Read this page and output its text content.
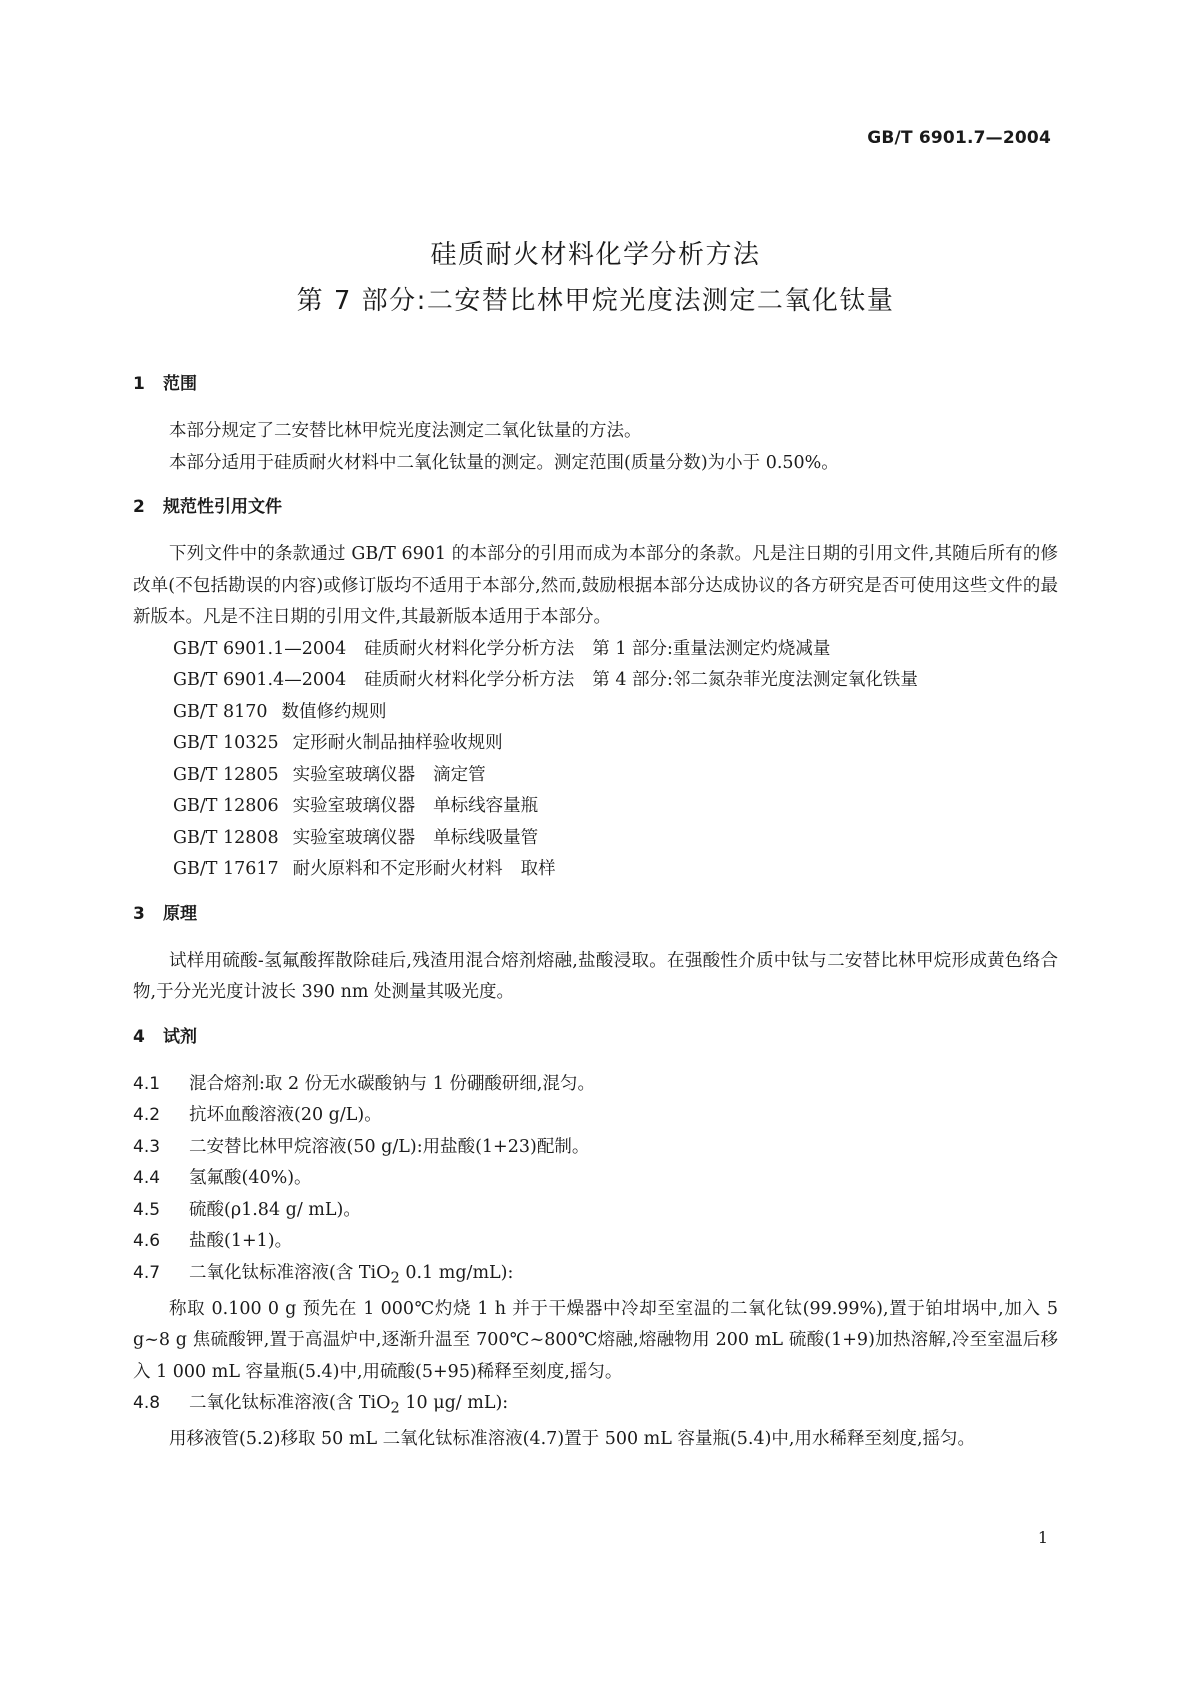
GB/T 6901.7—2004
硅质耐火材料化学分析方法
第 7 部分:二安替比林甲烷光度法测定二氧化钛量
1 范围

本部分规定了二安替比林甲烷光度法测定二氧化钛量的方法。

本部分适用于硅质耐火材料中二氧化钛量的测定。测定范围(质量分数)为小于 0.50%。

2 规范性引用文件

下列文件中的条款通过 GB/T 6901 的本部分的引用而成为本部分的条款。凡是注日期的引用文件,其随后所有的修改单(不包括勘误的内容)或修订版均不适用于本部分,然而,鼓励根据本部分达成协议的各方研究是否可使用这些文件的最新版本。凡是不注日期的引用文件,其最新版本适用于本部分。

GB/T 6901.1—2004 硅质耐火材料化学分析方法 第 1 部分:重量法测定灼烧减量

GB/T 6901.4—2004 硅质耐火材料化学分析方法 第 4 部分:邻二氮杂菲光度法测定氧化铁量

GB/T 8170 数值修约规则

GB/T 10325 定形耐火制品抽样验收规则

GB/T 12805 实验室玻璃仪器 滴定管

GB/T 12806 实验室玻璃仪器 单标线容量瓶

GB/T 12808 实验室玻璃仪器 单标线吸量管

GB/T 17617 耐火原料和不定形耐火材料 取样

3 原理

试样用硫酸-氢氟酸挥散除硅后,残渣用混合熔剂熔融,盐酸浸取。在强酸性介质中钛与二安替比林甲烷形成黄色络合物,于分光光度计波长 390 nm 处测量其吸光度。

4 试剂

4.1 混合熔剂:取 2 份无水碳酸钠与 1 份硼酸研细,混匀。

4.2 抗坏血酸溶液(20 g/L)。

4.3 二安替比林甲烷溶液(50 g/L):用盐酸(1+23)配制。

4.4 氢氟酸(40%)。

4.5 硫酸(ρ1.84 g/ mL)。

4.6 盐酸(1+1)。

4.7 二氧化钛标准溶液(含 TiO$_2$ 0.1 mg/mL):

称取 0.100 0 g 预先在 1 000℃灼烧 1 h 并于干燥器中冷却至室温的二氧化钛(99.99%),置于铂坩埚中,加入 5 g~8 g 焦硫酸钾,置于高温炉中,逐渐升温至 700℃~800℃熔融,熔融物用 200 mL 硫酸(1+9)加热溶解,冷至室温后移入 1 000 mL 容量瓶(5.4)中,用硫酸(5+95)稀释至刻度,摇匀。

4.8 二氧化钛标准溶液(含 TiO$_2$ 10 μg/ mL):

用移液管(5.2)移取 50 mL 二氧化钛标准溶液(4.7)置于 500 mL 容量瓶(5.4)中,用水稀释至刻度,摇匀。

1
